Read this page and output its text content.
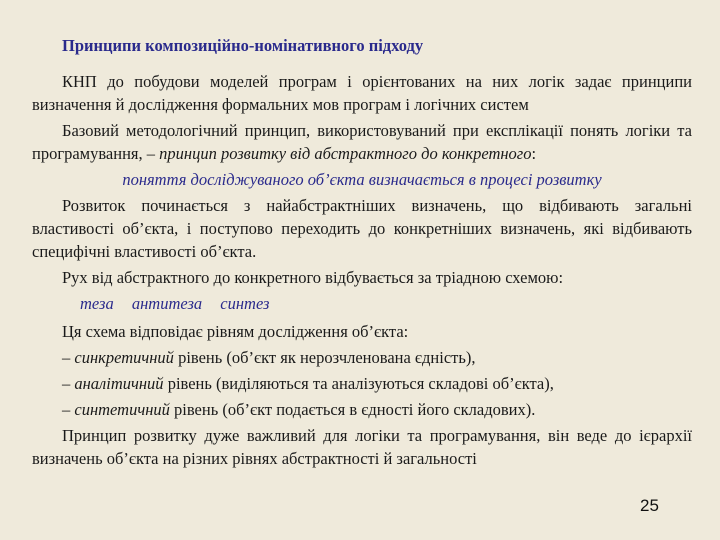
Принципи композиційно-номінативного підходу
КНП до побудови моделей програм і орієнтованих на них логік задає принципи визначення й дослідження формальних мов програм і логічних систем
Базовий методологічний принцип, використовуваний при експлікації понять логіки та програмування, – принцип розвитку від абстрактного до конкретного:
поняття досліджуваного об’єкта визначається в процесі розвитку
Розвиток починається з найабстрактніших визначень, що відбивають загальні властивості об’єкта, і поступово переходить до конкретніших визначень, які відбивають специфічні властивості об’єкта.
Рух від абстрактного до конкретного відбувається за тріадною схемою:
теза антитеза синтез
Ця схема відповідає рівням дослідження об’єкта:
– синкретичний рівень (об’єкт як нерозчленована єдність),
– аналітичний рівень (виділяються та аналізуються складові об’єкта),
– синтетичний рівень (об’єкт подається в єдності його складових).
Принцип розвитку дуже важливий для логіки та програмування, він веде до ієрархії визначень об’єкта на різних рівнях абстрактності й загальності
25
